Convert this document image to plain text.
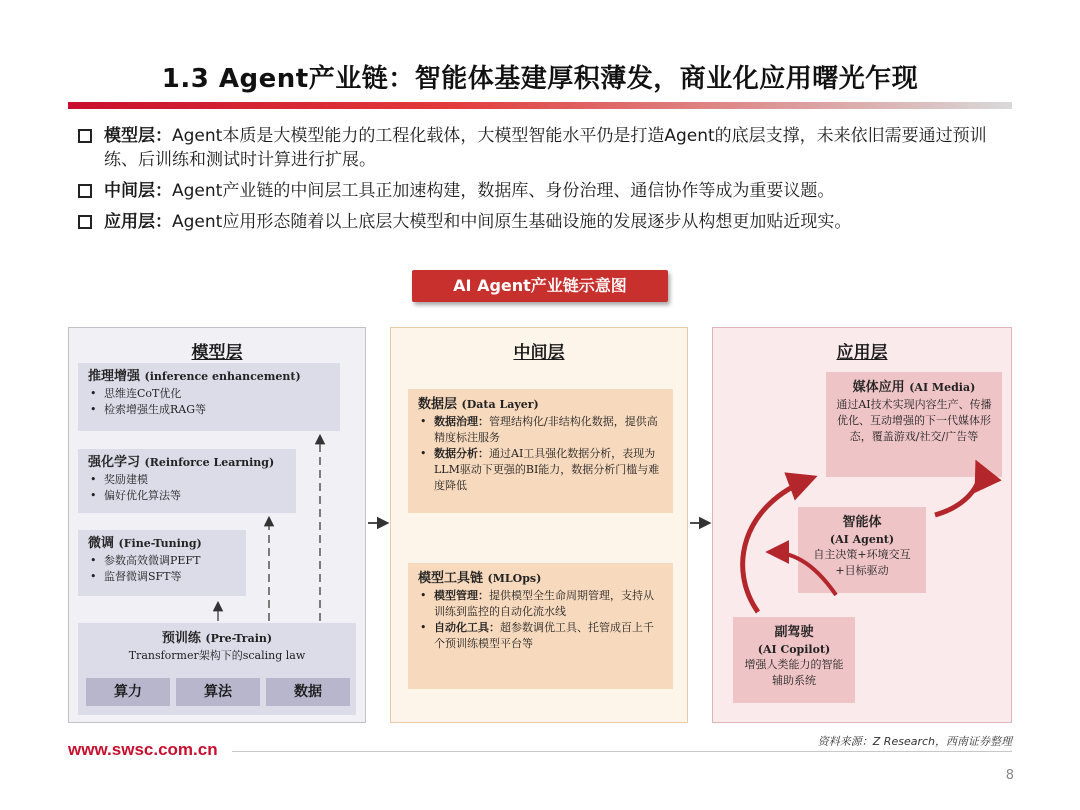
1.3 Agent产业链：智能体基建厚积薄发，商业化应用曙光乍现
模型层：Agent本质是大模型能力的工程化载体，大模型智能水平仍是打造Agent的底层支撑，未来依旧需要通过预训练、后训练和测试时计算进行扩展。
中间层：Agent产业链的中间层工具正加速构建，数据库、身份治理、通信协作等成为重要议题。
应用层：Agent应用形态随着以上底层大模型和中间原生基础设施的发展逐步从构想更加贴近现实。
AI Agent产业链示意图
模型层
推理增强 (inference enhancement)
• 思维连CoT优化
• 检索增强生成RAG等
强化学习 (Reinforce Learning)
• 奖励建模
• 偏好优化算法等
微调 (Fine-Tuning)
• 参数高效微调PEFT
• 监督微调SFT等
预训练 (Pre-Train)
Transformer架构下的scaling law
算力	算法	数据
中间层
数据层 (Data Layer)
• 数据治理：管理结构化/非结构化数据，提供高精度标注服务
• 数据分析：通过AI工具强化数据分析，表现为LLM驱动下更强的BI能力，数据分析门槛与难度降低
模型工具链 (MLOps)
• 模型管理：提供模型全生命周期管理，支持从训练到监控的自动化流水线
• 自动化工具：超参数调优工具、托管成百上千个预训练模型平台等
应用层
媒体应用 (AI Media)
通过AI技术实现内容生产、传播优化、互动增强的下一代媒体形态，覆盖游戏/社交/广告等
智能体
(AI Agent)
自主决策+环境交互+目标驱动
副驾驶
(AI Copilot)
增强人类能力的智能辅助系统
www.swsc.com.cn	资料来源：Z Research，西南证券整理
8
